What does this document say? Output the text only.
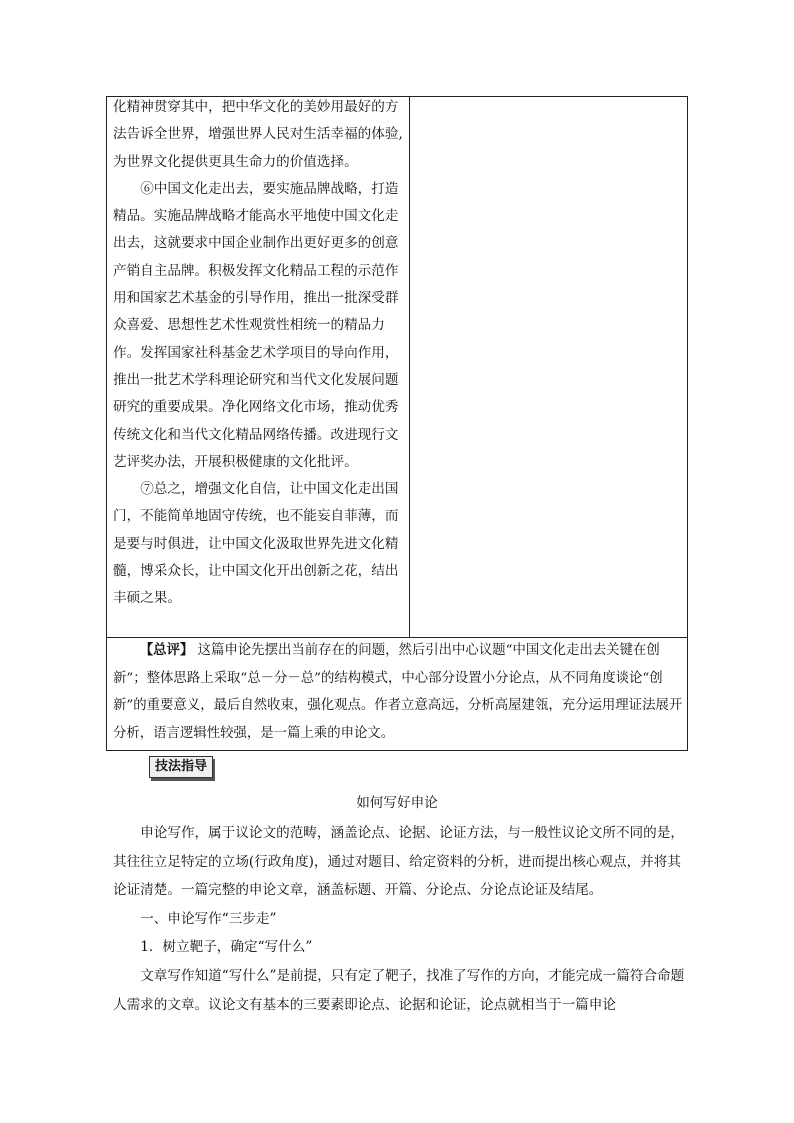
化精神贯穿其中，把中华文化的美妙用最好的方法告诉全世界，增强世界人民对生活幸福的体验,为世界文化提供更具生命力的价值选择。

⑥中国文化走出去，要实施品牌战略，打造精品。实施品牌战略才能高水平地使中国文化走出去，这就要求中国企业制作出更好更多的创意产销自主品牌。积极发挥文化精品工程的示范作用和国家艺术基金的引导作用，推出一批深受群众喜爱、思想性艺术性观赏性相统一的精品力作。发挥国家社科基金艺术学项目的导向作用，推出一批艺术学科理论研究和当代文化发展问题研究的重要成果。净化网络文化市场，推动优秀传统文化和当代文化精品网络传播。改进现行文艺评奖办法，开展积极健康的文化批评。

⑦总之，增强文化自信，让中国文化走出国门，不能简单地固守传统，也不能妄自菲薄，而是要与时俱进，让中国文化汲取世界先进文化精髓，博采众长，让中国文化开出创新之花，结出丰硕之果。

【总评】 这篇申论先摆出当前存在的问题，然后引出中心议题“中国文化走出去关键在创新”；整体思路上采取“总－分－总”的结构模式，中心部分设置小分论点，从不同角度谈论“创新”的重要意义，最后自然收束，强化观点。作者立意高远，分析高屋建瓴，充分运用理证法展开分析，语言逻辑性较强，是一篇上乘的申论文。

技法指导

如何写好申论

申论写作，属于议论文的范畴，涵盖论点、论据、论证方法，与一般性议论文所不同的是，其往往立足特定的立场(行政角度)，通过对题目、给定资料的分析，进而提出核心观点，并将其论证清楚。一篇完整的申论文章，涵盖标题、开篇、分论点、分论点论证及结尾。

一、申论写作“三步走”

1．树立靶子，确定“写什么”

文章写作知道“写什么”是前提，只有定了靶子，找准了写作的方向，才能完成一篇符合命题人需求的文章。议论文有基本的三要素即论点、论据和论证，论点就相当于一篇申论
